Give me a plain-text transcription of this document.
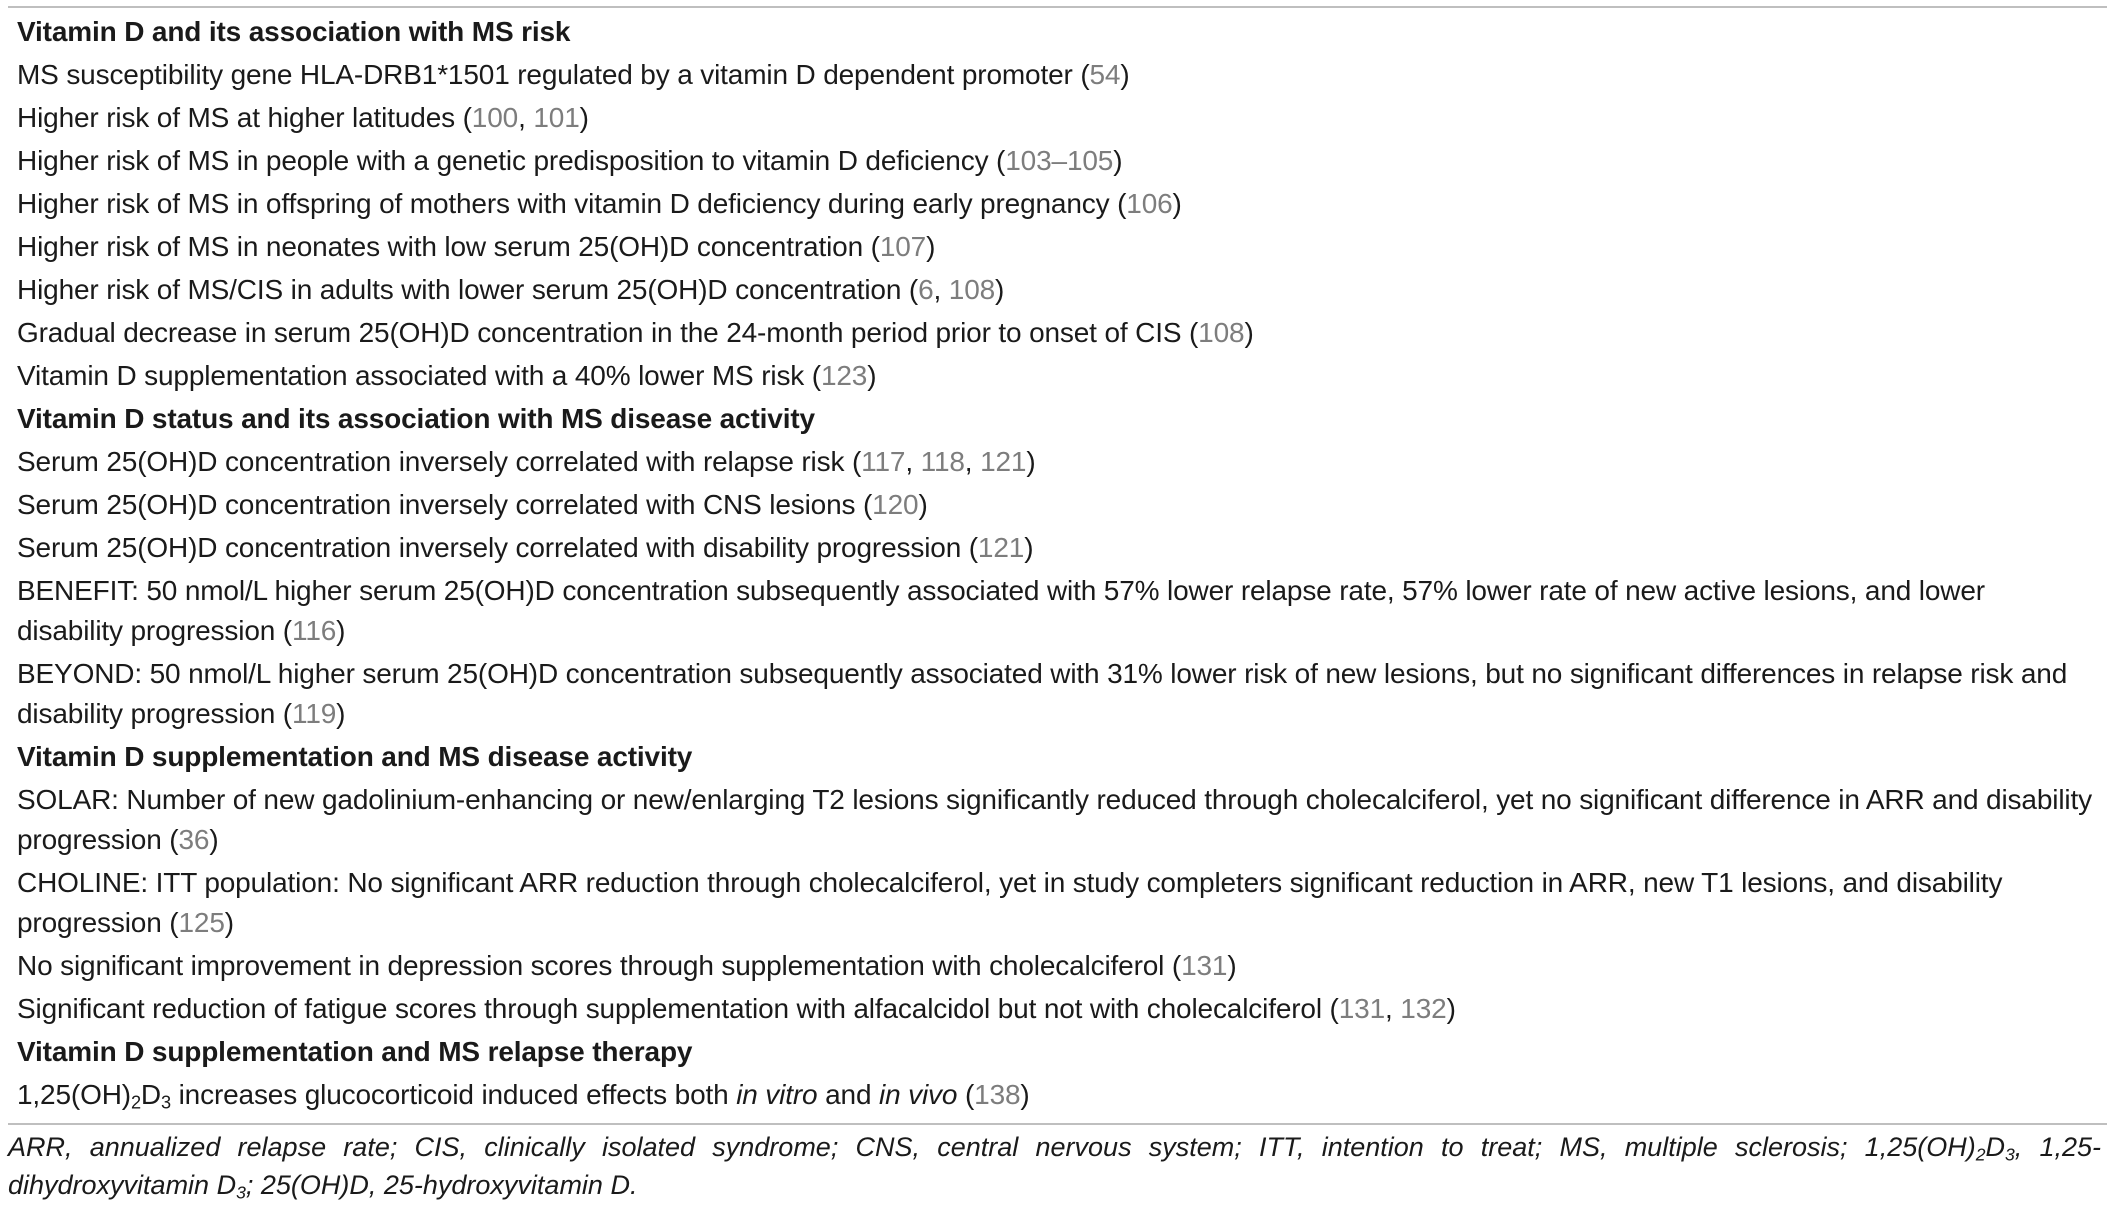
Vitamin D and its association with MS risk
MS susceptibility gene HLA-DRB1*1501 regulated by a vitamin D dependent promoter (54)
Higher risk of MS at higher latitudes (100, 101)
Higher risk of MS in people with a genetic predisposition to vitamin D deficiency (103–105)
Higher risk of MS in offspring of mothers with vitamin D deficiency during early pregnancy (106)
Higher risk of MS in neonates with low serum 25(OH)D concentration (107)
Higher risk of MS/CIS in adults with lower serum 25(OH)D concentration (6, 108)
Gradual decrease in serum 25(OH)D concentration in the 24-month period prior to onset of CIS (108)
Vitamin D supplementation associated with a 40% lower MS risk (123)
Vitamin D status and its association with MS disease activity
Serum 25(OH)D concentration inversely correlated with relapse risk (117, 118, 121)
Serum 25(OH)D concentration inversely correlated with CNS lesions (120)
Serum 25(OH)D concentration inversely correlated with disability progression (121)
BENEFIT: 50 nmol/L higher serum 25(OH)D concentration subsequently associated with 57% lower relapse rate, 57% lower rate of new active lesions, and lower disability progression (116)
BEYOND: 50 nmol/L higher serum 25(OH)D concentration subsequently associated with 31% lower risk of new lesions, but no significant differences in relapse risk and disability progression (119)
Vitamin D supplementation and MS disease activity
SOLAR: Number of new gadolinium-enhancing or new/enlarging T2 lesions significantly reduced through cholecalciferol, yet no significant difference in ARR and disability progression (36)
CHOLINE: ITT population: No significant ARR reduction through cholecalciferol, yet in study completers significant reduction in ARR, new T1 lesions, and disability progression (125)
No significant improvement in depression scores through supplementation with cholecalciferol (131)
Significant reduction of fatigue scores through supplementation with alfacalcidol but not with cholecalciferol (131, 132)
Vitamin D supplementation and MS relapse therapy
$1,25(OH)_2D_3$ increases glucocorticoid induced effects both in vitro and in vivo (138)
ARR, annualized relapse rate; CIS, clinically isolated syndrome; CNS, central nervous system; ITT, intention to treat; MS, multiple sclerosis; $1,25(OH)_2D_3$, 1,25-dihydroxyvitamin $D_3$; 25(OH)D, 25-hydroxyvitamin D.
